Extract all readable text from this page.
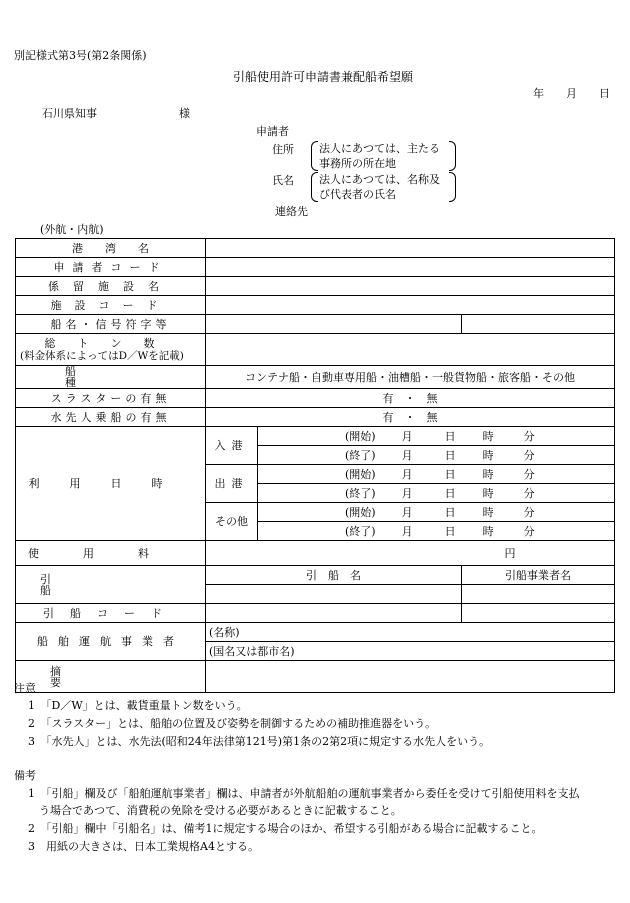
別記様式第3号(第2条関係)
引船使用許可申請書兼配船希望願
年　　月　　日
石川県知事	様
申請者
住所 法人にあつては、主たる
事務所の所在地
氏名 法人にあつては、名称及
び代表者の氏名
連絡先
(外航・内航)
港　　湾　　名			
申請者コード			
係留施設名			
施設コード			
船名・信号符字等			

総トン数
(料金体系によってはD／Wを記載)			

船種	コンテナ船・自動車専用船・油槽船・一般貨物船・旅客船・その他		
スラスターの有無	有　・　無		
水先人乗船の有無	有　・　無		
利用日時	入港	(開始) 月 日 時 分	
		(終了) 月 日 時 分	
	出港	(開始) 月 日 時 分	
		(終了) 月 日 時 分	
	その他	(開始) 月 日 時 分	
		(終了) 月 日 時 分	
使用料	円		
引船	引　船　名		引船事業者名

引船コード			
船舶運航事業者	(名称)		
	(国名又は都市名)		
摘要			
注意
1　「D／W」とは、載貨重量トン数をいう。
2　「スラスター」とは、船舶の位置及び姿勢を制御するための補助推進器をいう。
3　「水先人」とは、水先法(昭和24年法律第121号)第1条の2第2項に規定する水先人をいう。
備考
1　「引船」欄及び「船舶運航事業者」欄は、申請者が外航船舶の運航事業者から委任を受けて引船使用料を支払
　う場合であつて、消費税の免除を受ける必要があるときに記載すること。
2　「引船」欄中「引船名」は、備考1に規定する場合のほか、希望する引船がある場合に記載すること。
3　用紙の大きさは、日本工業規格A4とする。
